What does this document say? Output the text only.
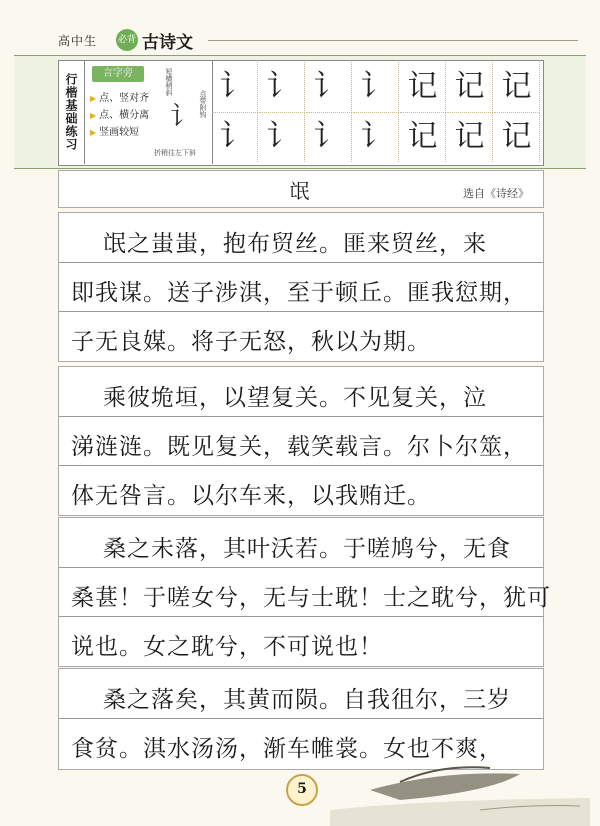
高中生 必背 古诗文
行楷基础练习	言字旁
▶ 点、竖对齐
▶ 点、横分离
▶ 竖画较短
短横稍斜
讠 点带附钩
折稍往左下斜
讠 讠 讠 讠 记 记 记
讠 讠 讠 讠 记 记 记
氓	选自《诗经》
氓之蚩蚩，抱布贸丝。匪来贸丝，来
即我谋。送子涉淇，至于顿丘。匪我愆期，
子无良媒。将子无怒，秋以为期。
乘彼垝垣，以望复关。不见复关，泣
涕涟涟。既见复关，载笑载言。尔卜尔筮，
体无咎言。以尔车来，以我贿迁。
桑之未落，其叶沃若。于嗟鸠兮，无食
桑葚！于嗟女兮，无与士耽！士之耽兮，犹可
说也。女之耽兮，不可说也！
桑之落矣，其黄而陨。自我徂尔，三岁
食贫。淇水汤汤，渐车帷裳。女也不爽，
5
